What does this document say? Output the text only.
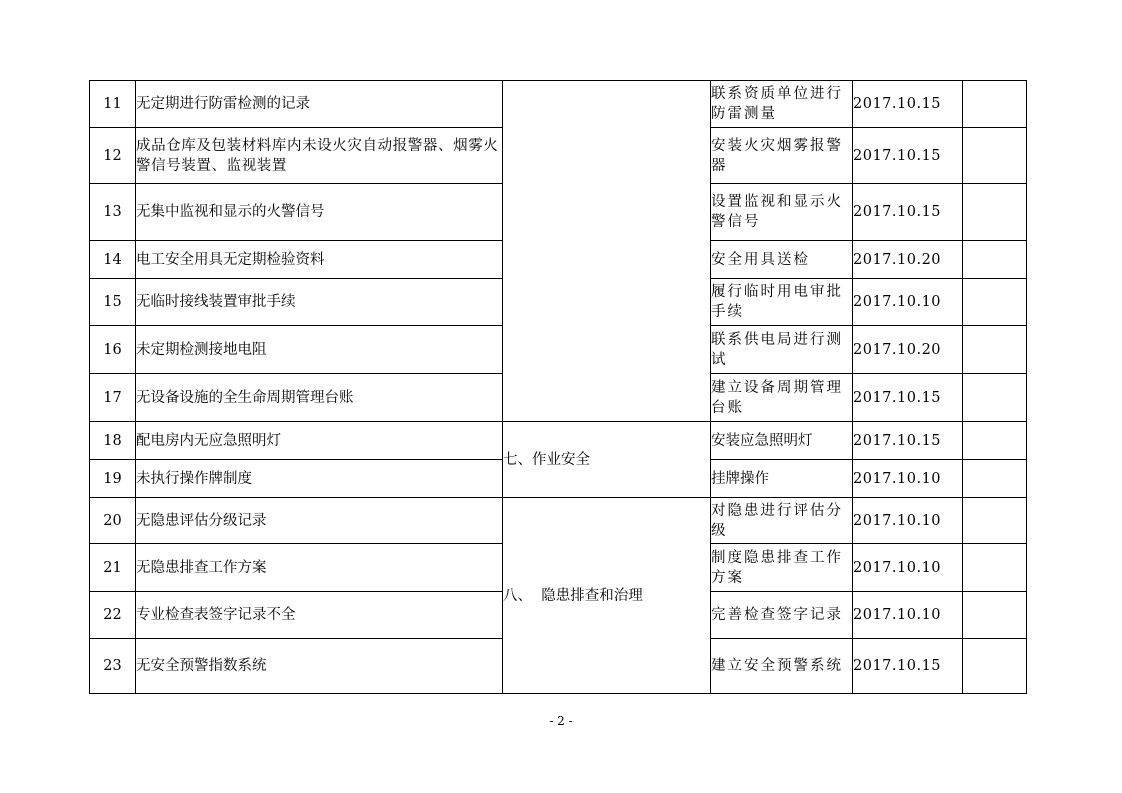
11	无定期进行防雷检测的记录		联系资质单位进行防雷测量	2017.10.15	
12	成品仓库及包装材料库内未设火灾自动报警器、烟雾火警信号装置、监视装置		安装火灾烟雾报警器	2017.10.15	
13	无集中监视和显示的火警信号		设置监视和显示火警信号	2017.10.15	
14	电工安全用具无定期检验资料		安全用具送检	2017.10.20	
15	无临时接线装置审批手续		履行临时用电审批手续	2017.10.10	
16	未定期检测接地电阻		联系供电局进行测试	2017.10.20	
17	无设备设施的全生命周期管理台账		建立设备周期管理台账	2017.10.15	
18	配电房内无应急照明灯	七、作业安全	安装应急照明灯	2017.10.15	
19	未执行操作牌制度		挂牌操作	2017.10.10	
20	无隐患评估分级记录	八、  隐患排查和治理	对隐患进行评估分级	2017.10.10	
21	无隐患排查工作方案		制度隐患排查工作方案	2017.10.10	
22	专业检查表签字记录不全		完善检查签字记录	2017.10.10	
23	无安全预警指数系统		建立安全预警系统	2017.10.15	
- 2 -
